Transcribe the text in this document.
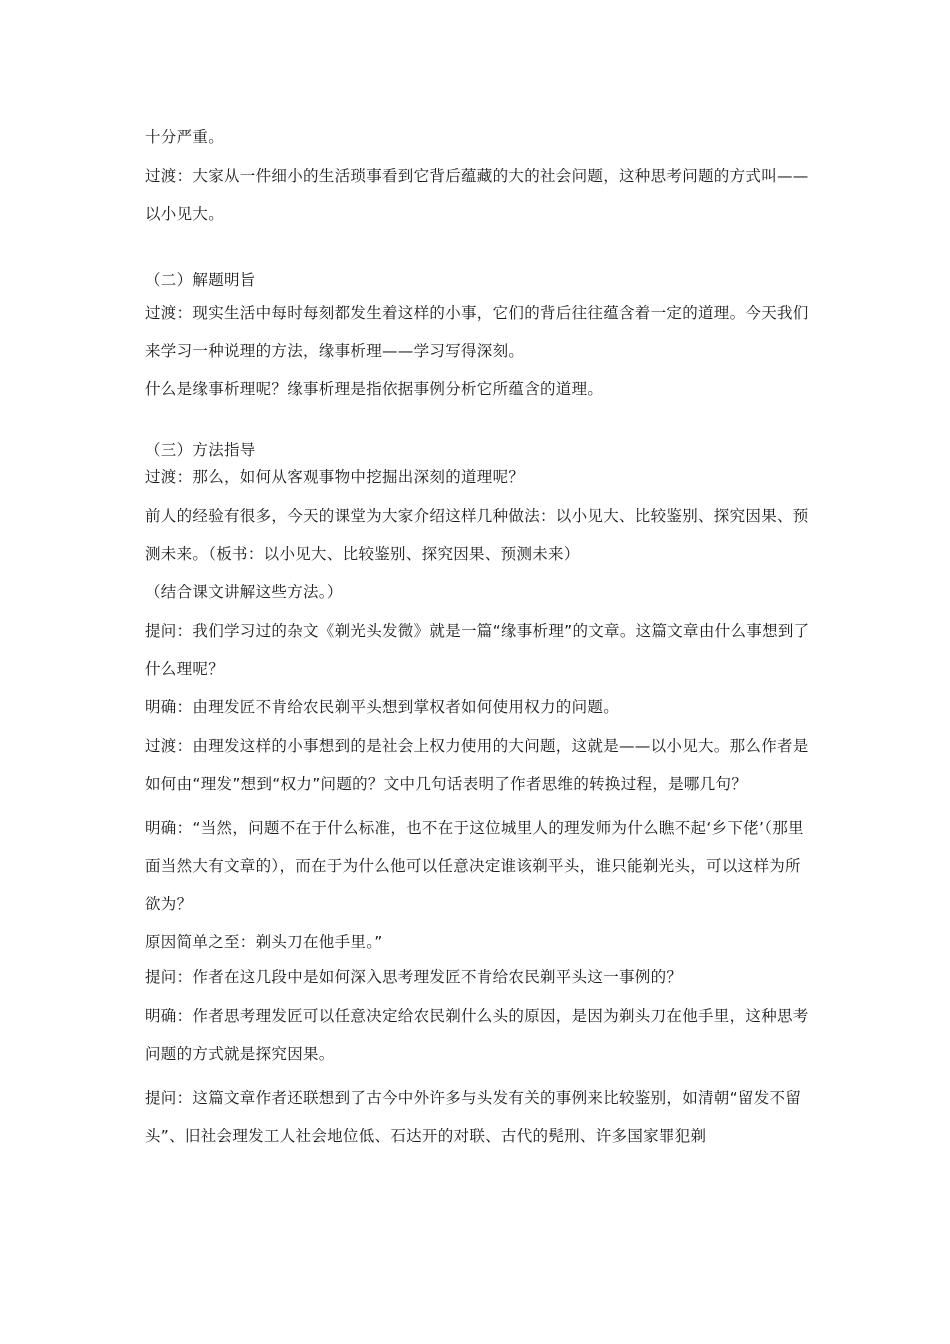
十分严重。

过渡：大家从一件细小的生活琐事看到它背后蕴藏的大的社会问题，这种思考问题的方式叫——以小见大。

（二）解题明旨

过渡：现实生活中每时每刻都发生着这样的小事，它们的背后往往蕴含着一定的道理。今天我们来学习一种说理的方法，缘事析理——学习写得深刻。

什么是缘事析理呢？缘事析理是指依据事例分析它所蕴含的道理。

（三）方法指导

过渡：那么，如何从客观事物中挖掘出深刻的道理呢？

前人的经验有很多，今天的课堂为大家介绍这样几种做法：以小见大、比较鉴别、探究因果、预测未来。（板书：以小见大、比较鉴别、探究因果、预测未来）

（结合课文讲解这些方法。）

提问：我们学习过的杂文《剃光头发微》就是一篇“缘事析理”的文章。这篇文章由什么事想到了什么理呢？

明确：由理发匠不肯给农民剃平头想到掌权者如何使用权力的问题。

过渡：由理发这样的小事想到的是社会上权力使用的大问题，这就是——以小见大。那么作者是如何由“理发”想到“权力”问题的？文中几句话表明了作者思维的转换过程，是哪几句？

明确：“当然，问题不在于什么标准，也不在于这位城里人的理发师为什么瞧不起‘乡下佬’（那里面当然大有文章的），而在于为什么他可以任意决定谁该剃平头，谁只能剃光头，可以这样为所欲为？

原因简单之至：剃头刀在他手里。”

提问：作者在这几段中是如何深入思考理发匠不肯给农民剃平头这一事例的？

明确：作者思考理发匠可以任意决定给农民剃什么头的原因，是因为剃头刀在他手里，这种思考问题的方式就是探究因果。

提问：这篇文章作者还联想到了古今中外许多与头发有关的事例来比较鉴别，如清朝“留发不留头”、旧社会理发工人社会地位低、石达开的对联、古代的髡刑、许多国家罪犯剃
